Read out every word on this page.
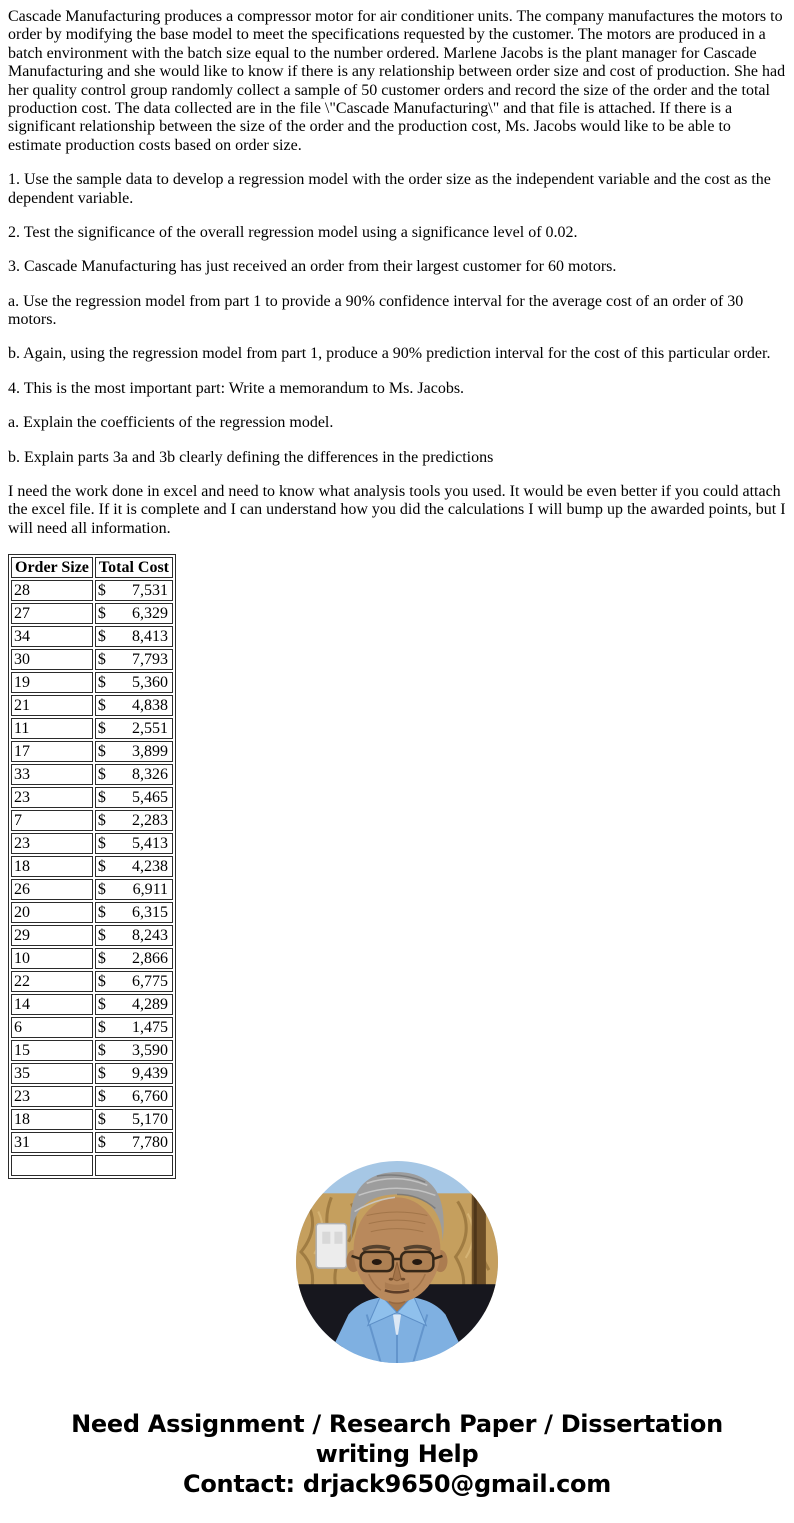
Cascade Manufacturing produces a compressor motor for air conditioner units. The company manufactures the motors to order by modifying the base model to meet the specifications requested by the customer. The motors are produced in a batch environment with the batch size equal to the number ordered. Marlene Jacobs is the plant manager for Cascade Manufacturing and she would like to know if there is any relationship between order size and cost of production. She had her quality control group randomly collect a sample of 50 customer orders and record the size of the order and the total production cost. The data collected are in the file \"Cascade Manufacturing\" and that file is attached. If there is a significant relationship between the size of the order and the production cost, Ms. Jacobs would like to be able to estimate production costs based on order size.

1. Use the sample data to develop a regression model with the order size as the independent variable and the cost as the dependent variable.

2. Test the significance of the overall regression model using a significance level of 0.02.

3. Cascade Manufacturing has just received an order from their largest customer for 60 motors.

a. Use the regression model from part 1 to provide a 90% confidence interval for the average cost of an order of 30 motors.

b. Again, using the regression model from part 1, produce a 90% prediction interval for the cost of this particular order.

4. This is the most important part: Write a memorandum to Ms. Jacobs.

a. Explain the coefficients of the regression model.

b. Explain parts 3a and 3b clearly defining the differences in the predictions

I need the work done in excel and need to know what analysis tools you used. It would be even better if you could attach the excel file. If it is complete and I can understand how you did the calculations I will bump up the awarded points, but I will need all information.

Order Size	Total Cost
28	$ 7,531

27	$ 6,329

34	$ 8,413

30	$ 7,793

19	$ 5,360

21	$ 4,838

11	$ 2,551

17	$ 3,899

33	$ 8,326

23	$ 5,465

7	$ 2,283

23	$ 5,413

18	$ 4,238

26	$ 6,911

20	$ 6,315

29	$ 8,243

10	$ 2,866

22	$ 6,775

14	$ 4,289

6	$ 1,475

15	$ 3,590

35	$ 9,439

23	$ 6,760

18	$ 5,170

31	$ 7,780

Need Assignment / Research Paper / Dissertation
writing Help
Contact: drjack9650@gmail.com
